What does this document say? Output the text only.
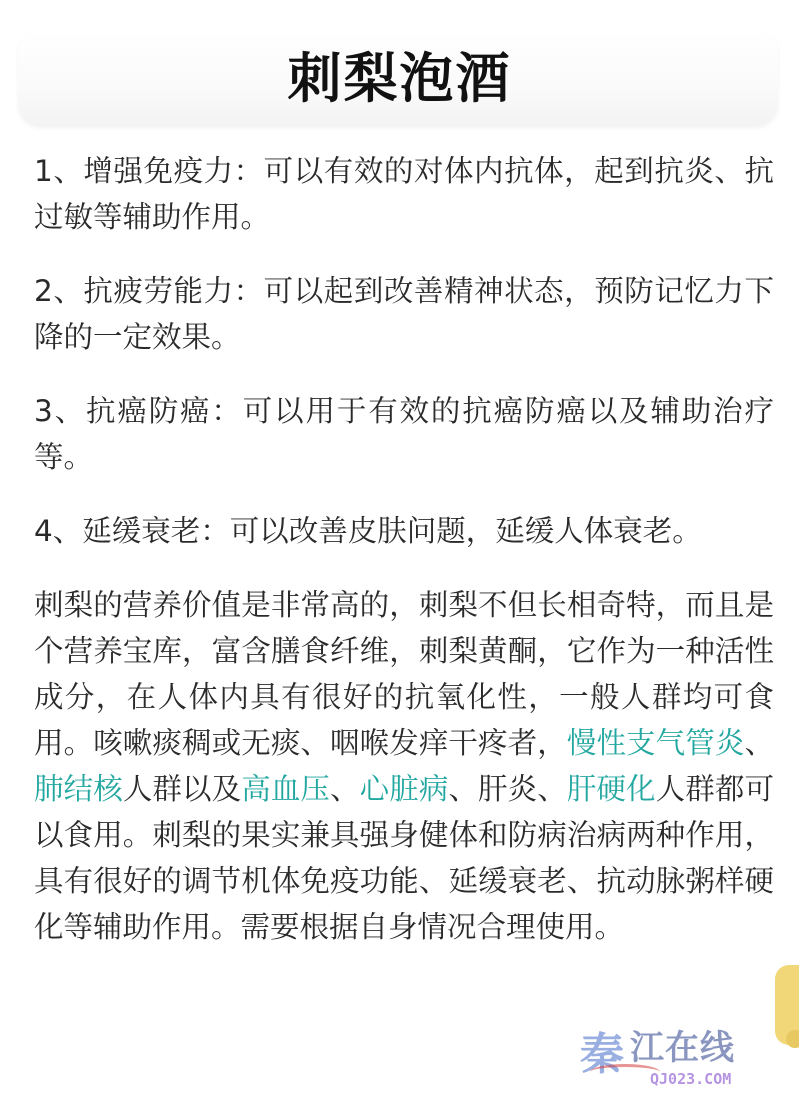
刺梨泡酒

1、增强免疫力：可以有效的对体内抗体，起到抗炎、抗过敏等辅助作用。

2、抗疲劳能力：可以起到改善精神状态，预防记忆力下降的一定效果。

3、抗癌防癌：可以用于有效的抗癌防癌以及辅助治疗等。

4、延缓衰老：可以改善皮肤问题，延缓人体衰老。

刺梨的营养价值是非常高的，刺梨不但长相奇特，而且是个营养宝库，富含膳食纤维，刺梨黄酮，它作为一种活性成分，在人体内具有很好的抗氧化性，一般人群均可食用。咳嗽痰稠或无痰、咽喉发痒干疼者，慢性支气管炎、肺结核人群以及高血压、心脏病、肝炎、肝硬化人群都可以食用。刺梨的果实兼具强身健体和防病治病两种作用，具有很好的调节机体免疫功能、延缓衰老、抗动脉粥样硬化等辅助作用。需要根据自身情况合理使用。

秦 江在线
QJ023.COM
